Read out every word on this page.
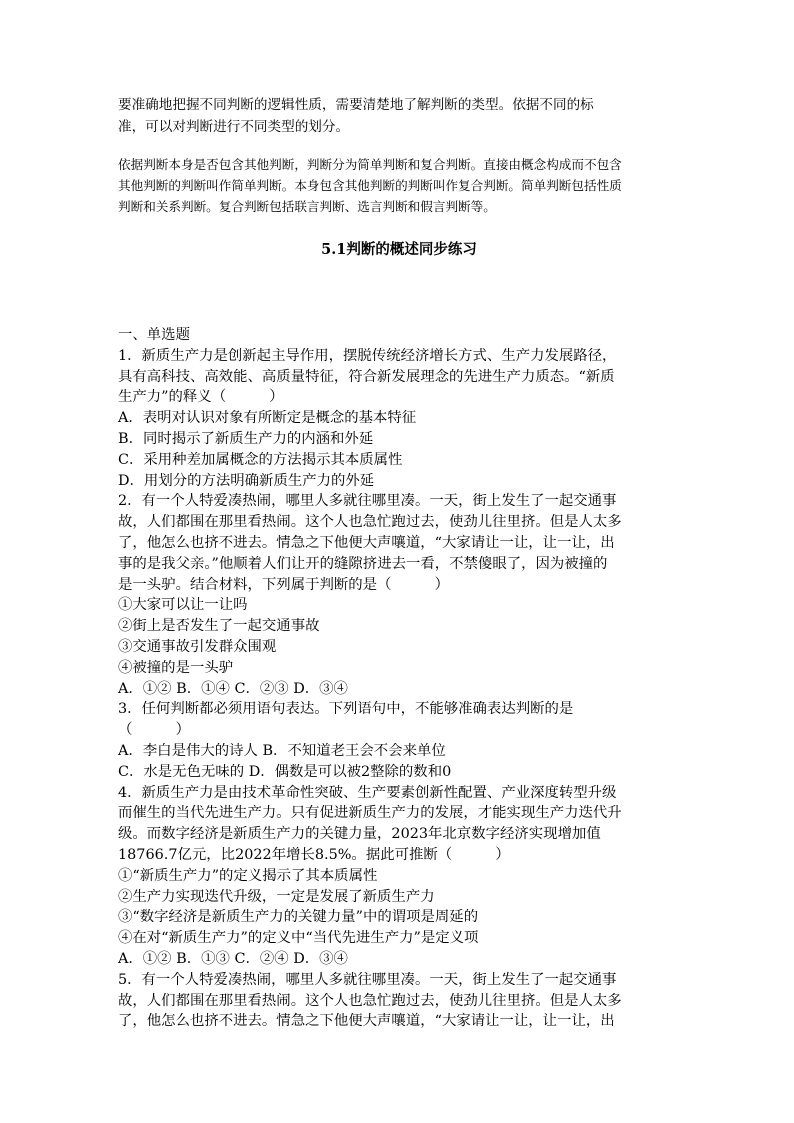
要准确地把握不同判断的逻辑性质，需要清楚地了解判断的类型。依据不同的标
准，可以对判断进行不同类型的划分。
依据判断本身是否包含其他判断，判断分为简单判断和复合判断。直接由概念构成而不包含
其他判断的判断叫作简单判断。本身包含其他判断的判断叫作复合判断。简单判断包括性质
判断和关系判断。复合判断包括联言判断、选言判断和假言判断等。
5.1判断的概述同步练习
一、单选题
1．新质生产力是创新起主导作用，摆脱传统经济增长方式、生产力发展路径，
具有高科技、高效能、高质量特征，符合新发展理念的先进生产力质态。“新质
生产力”的释义（　　　）
A．表明对认识对象有所断定是概念的基本特征
B．同时揭示了新质生产力的内涵和外延
C．采用种差加属概念的方法揭示其本质属性
D．用划分的方法明确新质生产力的外延
2．有一个人特爱凑热闹，哪里人多就往哪里凑。一天，街上发生了一起交通事
故，人们都围在那里看热闹。这个人也急忙跑过去，使劲儿往里挤。但是人太多
了，他怎么也挤不进去。情急之下他便大声嚷道，“大家请让一让，让一让，出
事的是我父亲。”他顺着人们让开的缝隙挤进去一看，不禁傻眼了，因为被撞的
是一头驴。结合材料，下列属于判断的是（　　　）
①大家可以让一让吗
②街上是否发生了一起交通事故
③交通事故引发群众围观
④被撞的是一头驴
A．①② B．①④ C．②③ D．③④
3．任何判断都必须用语句表达。下列语句中，不能够准确表达判断的是
（　　　）
A．李白是伟大的诗人 B．不知道老王会不会来单位
C．水是无色无味的 D．偶数是可以被2整除的数和0
4．新质生产力是由技术革命性突破、生产要素创新性配置、产业深度转型升级
而催生的当代先进生产力。只有促进新质生产力的发展，才能实现生产力迭代升
级。而数字经济是新质生产力的关键力量，2023年北京数字经济实现增加值
18766.7亿元，比2022年增长8.5%。据此可推断（　　　）
①“新质生产力”的定义揭示了其本质属性
②生产力实现迭代升级，一定是发展了新质生产力
③“数字经济是新质生产力的关键力量”中的谓项是周延的
④在对“新质生产力”的定义中“当代先进生产力”是定义项
A．①② B．①③ C．②④ D．③④
5．有一个人特爱凑热闹，哪里人多就往哪里凑。一天，街上发生了一起交通事
故，人们都围在那里看热闹。这个人也急忙跑过去，使劲儿往里挤。但是人太多
了，他怎么也挤不进去。情急之下他便大声嚷道，“大家请让一让，让一让，出
